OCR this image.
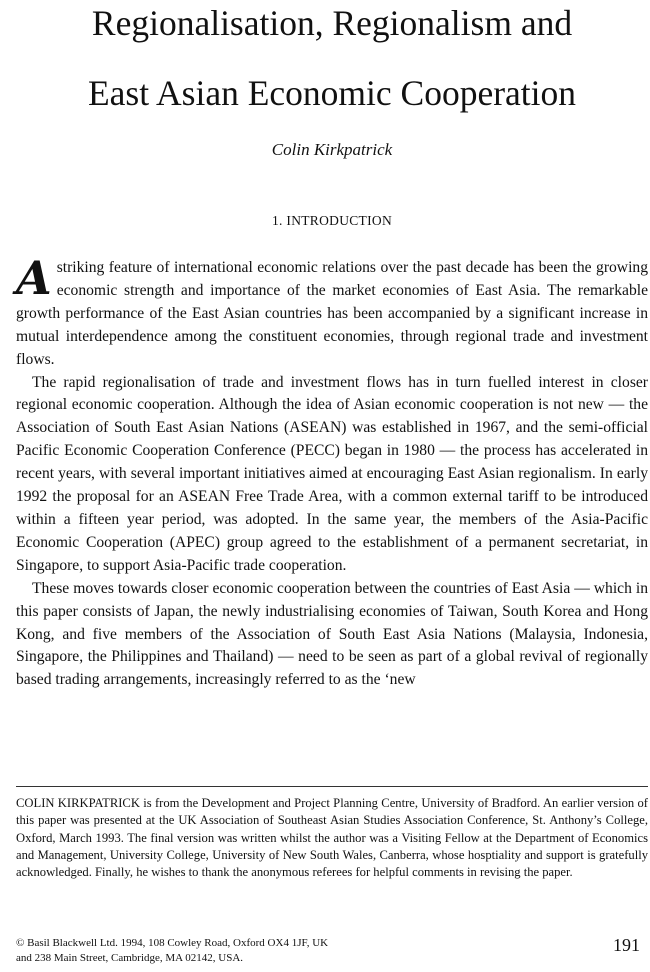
Regionalisation, Regionalism and
East Asian Economic Cooperation
Colin Kirkpatrick
1. INTRODUCTION

A striking feature of international economic relations over the past decade has been the growing economic strength and importance of the market economies of East Asia. The remarkable growth performance of the East Asian countries has been accompanied by a significant increase in mutual interdependence among the constituent economies, through regional trade and investment flows.

The rapid regionalisation of trade and investment flows has in turn fuelled interest in closer regional economic cooperation. Although the idea of Asian economic cooperation is not new — the Association of South East Asian Nations (ASEAN) was established in 1967, and the semi-official Pacific Economic Cooperation Conference (PECC) began in 1980 — the process has accelerated in recent years, with several important initiatives aimed at encouraging East Asian regionalism. In early 1992 the proposal for an ASEAN Free Trade Area, with a common external tariff to be introduced within a fifteen year period, was adopted. In the same year, the members of the Asia-Pacific Economic Cooperation (APEC) group agreed to the establishment of a permanent secretariat, in Singapore, to support Asia-Pacific trade cooperation.

These moves towards closer economic cooperation between the countries of East Asia — which in this paper consists of Japan, the newly industrialising economies of Taiwan, South Korea and Hong Kong, and five members of the Association of South East Asia Nations (Malaysia, Indonesia, Singapore, the Philippines and Thailand) — need to be seen as part of a global revival of regionally based trading arrangements, increasingly referred to as the ‘new

COLIN KIRKPATRICK is from the Development and Project Planning Centre, University of Bradford. An earlier version of this paper was presented at the UK Association of Southeast Asian Studies Association Conference, St. Anthony’s College, Oxford, March 1993. The final version was written whilst the author was a Visiting Fellow at the Department of Economics and Management, University College, University of New South Wales, Canberra, whose hosptiality and support is gratefully acknowledged. Finally, he wishes to thank the anonymous referees for helpful comments in revising the paper.

© Basil Blackwell Ltd. 1994, 108 Cowley Road, Oxford OX4 1JF, UK
and 238 Main Street, Cambridge, MA 02142, USA.
191
